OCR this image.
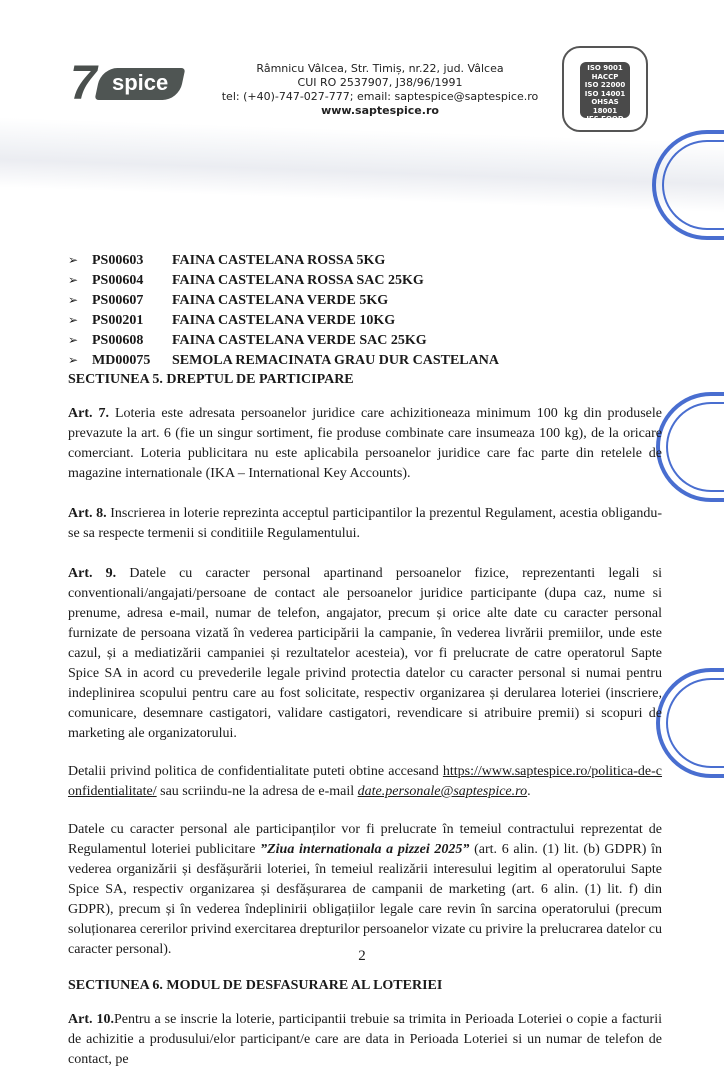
7 spice
Râmnicu Vâlcea, Str. Timiș, nr.22, jud. Vâlcea
CUI RO 2537907, J38/96/1991
tel: (+40)-747-027-777; email: saptespice@saptespice.ro
www.saptespice.ro
ISO 9001
HACCP
ISO 22000
ISO 14001
OHSAS 18001
IFS FOOD
➢ PS00603 FAINA CASTELANA ROSSA 5KG
➢ PS00604 FAINA CASTELANA ROSSA SAC 25KG
➢ PS00607 FAINA CASTELANA VERDE 5KG
➢ PS00201 FAINA CASTELANA VERDE 10KG
➢ PS00608 FAINA CASTELANA VERDE SAC 25KG
➢ MD00075 SEMOLA REMACINATA GRAU DUR CASTELANA
SECTIUNEA 5. DREPTUL DE PARTICIPARE

Art. 7. Loteria este adresata persoanelor juridice care achizitioneaza minimum 100 kg din produsele prevazute la art. 6 (fie un singur sortiment, fie produse combinate care insumeaza 100 kg), de la oricare comerciant. Loteria publicitara nu este aplicabila persoanelor juridice care fac parte din retelele de magazine internationale (IKA – International Key Accounts).

Art. 8. Inscrierea in loterie reprezinta acceptul participantilor la prezentul Regulament, acestia obligandu-se sa respecte termenii si conditiile Regulamentului.

Art. 9. Datele cu caracter personal apartinand persoanelor fizice, reprezentanti legali si conventionali/angajati/persoane de contact ale persoanelor juridice participante (dupa caz, nume si prenume, adresa e-mail, numar de telefon, angajator, precum și orice alte date cu caracter personal furnizate de persoana vizată în vederea participării la campanie, în vederea livrării premiilor, unde este cazul, și a mediatizării campaniei și rezultatelor acesteia), vor fi prelucrate de catre operatorul Sapte Spice SA in acord cu prevederile legale privind protectia datelor cu caracter personal si numai pentru indeplinirea scopului pentru care au fost solicitate, respectiv organizarea și derularea loteriei (inscriere, comunicare, desemnare castigatori, validare castigatori, revendicare si atribuire premii) si scopuri de marketing ale organizatorului.

Detalii privind politica de confidentialitate puteti obtine accesand https://www.saptespice.ro/politica-de-confidentialitate/ sau scriindu-ne la adresa de e-mail date.personale@saptespice.ro.

Datele cu caracter personal ale participanților vor fi prelucrate în temeiul contractului reprezentat de Regulamentul loteriei publicitare ”Ziua internationala a pizzei 2025” (art. 6 alin. (1) lit. (b) GDPR) în vederea organizării și desfășurării loteriei, în temeiul realizării interesului legitim al operatorului Sapte Spice SA, respectiv organizarea și desfășurarea de campanii de marketing (art. 6 alin. (1) lit. f) din GDPR), precum și în vederea îndeplinirii obligațiilor legale care revin în sarcina operatorului (precum soluționarea cererilor privind exercitarea drepturilor persoanelor vizate cu privire la prelucrarea datelor cu caracter personal).

SECTIUNEA 6. MODUL DE DESFASURARE AL LOTERIEI

Art. 10.Pentru a se inscrie la loterie, participantii trebuie sa trimita in Perioada Loteriei o copie a facturii de achizitie a produsului/elor participant/e care are data in Perioada Loteriei si un numar de telefon de contact, pe

2
